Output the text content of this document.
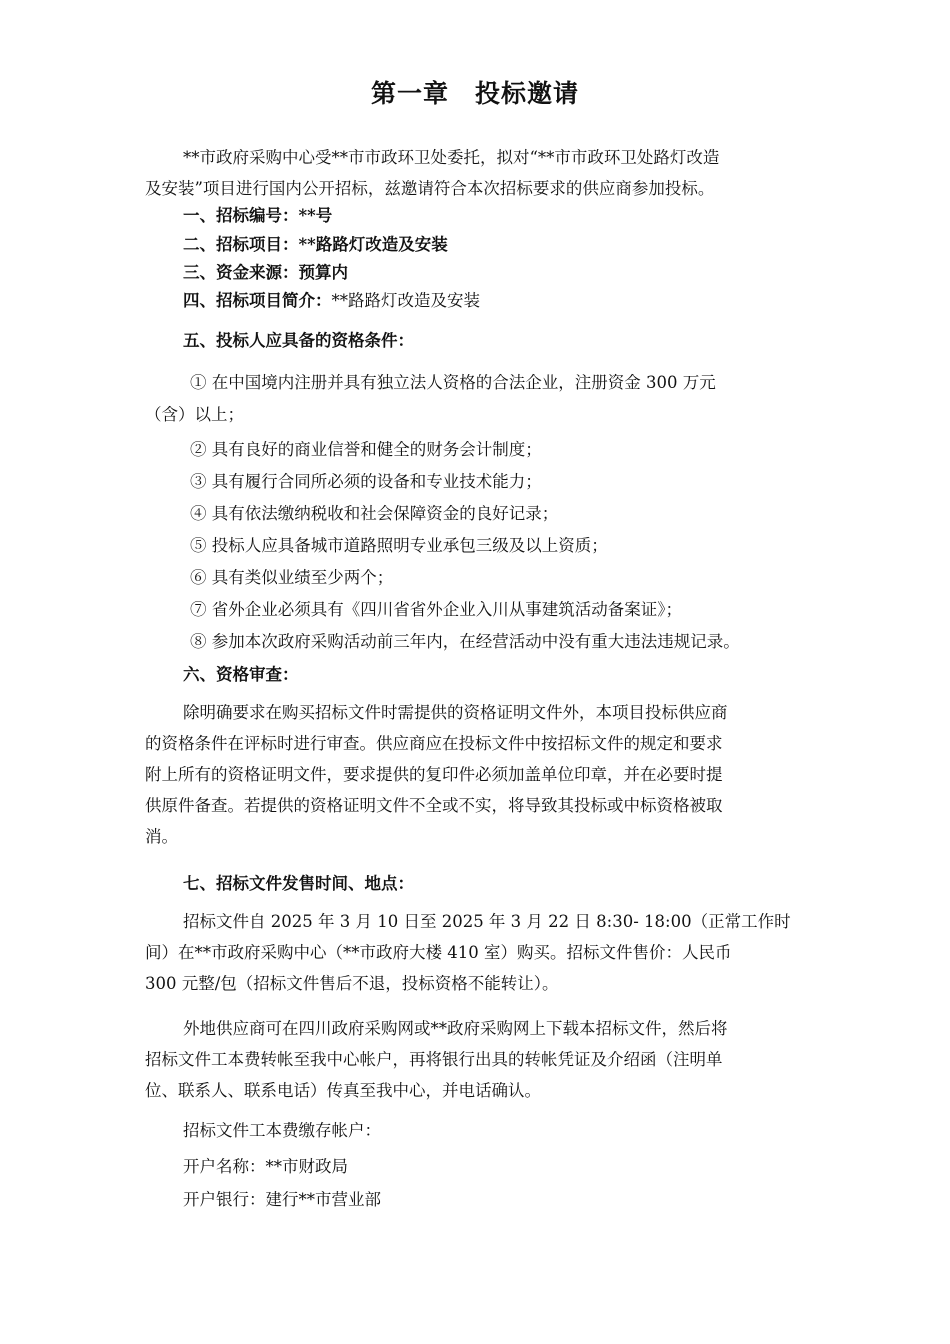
第一章　投标邀请
**市政府采购中心受**市市政环卫处委托，拟对“**市市政环卫处路灯改造
及安装”项目进行国内公开招标，兹邀请符合本次招标要求的供应商参加投标。
一、招标编号：**号
二、招标项目：**路路灯改造及安装
三、资金来源：预算内
四、招标项目简介：**路路灯改造及安装
五、投标人应具备的资格条件：
① 在中国境内注册并具有独立法人资格的合法企业，注册资金 300 万元
（含）以上；
② 具有良好的商业信誉和健全的财务会计制度；
③ 具有履行合同所必须的设备和专业技术能力；
④ 具有依法缴纳税收和社会保障资金的良好记录；
⑤ 投标人应具备城市道路照明专业承包三级及以上资质；
⑥ 具有类似业绩至少两个；
⑦ 省外企业必须具有《四川省省外企业入川从事建筑活动备案证》；
⑧ 参加本次政府采购活动前三年内，在经营活动中没有重大违法违规记录。
六、资格审查：
除明确要求在购买招标文件时需提供的资格证明文件外，本项目投标供应商
的资格条件在评标时进行审查。供应商应在投标文件中按招标文件的规定和要求
附上所有的资格证明文件，要求提供的复印件必须加盖单位印章，并在必要时提
供原件备查。若提供的资格证明文件不全或不实，将导致其投标或中标资格被取
消。
七、招标文件发售时间、地点：
招标文件自 2025 年 3 月 10 日至 2025 年 3 月 22 日 8:30- 18:00（正常工作时
间）在**市政府采购中心（**市政府大楼 410 室）购买。招标文件售价：人民币
300 元整/包（招标文件售后不退，投标资格不能转让）。
外地供应商可在四川政府采购网或**政府采购网上下载本招标文件，然后将
招标文件工本费转帐至我中心帐户，再将银行出具的转帐凭证及介绍函（注明单
位、联系人、联系电话）传真至我中心，并电话确认。
招标文件工本费缴存帐户：
开户名称：**市财政局
开户银行：建行**市营业部
